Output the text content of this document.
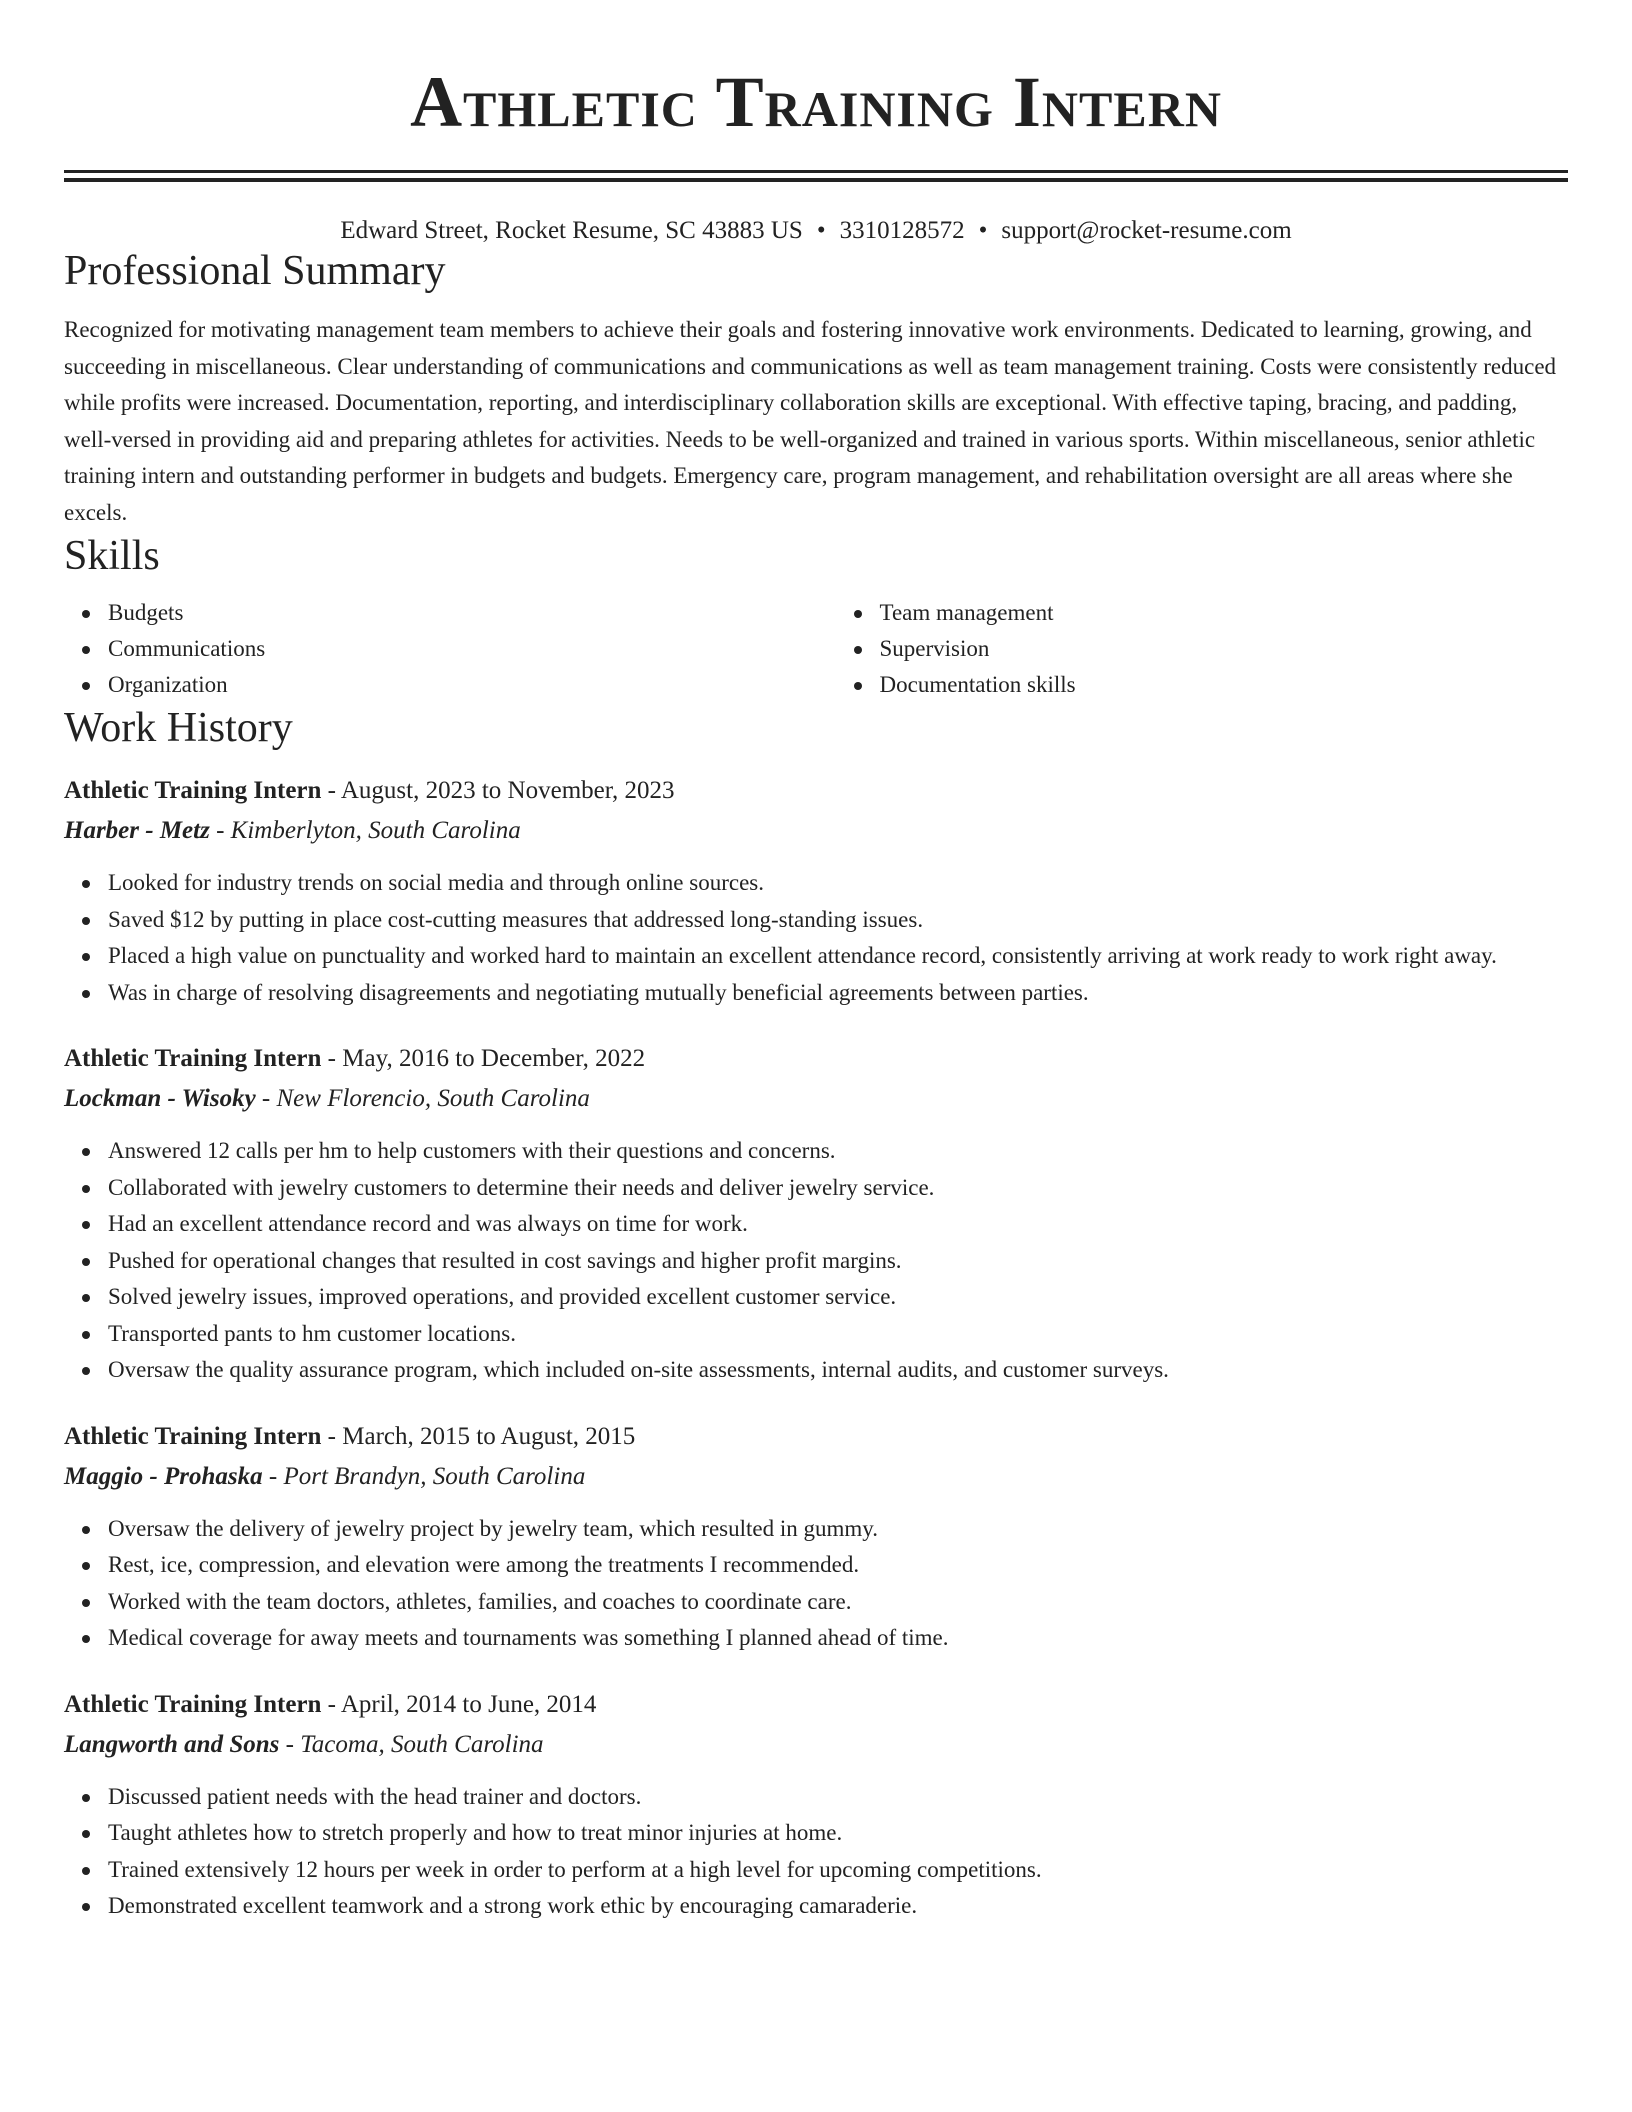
Athletic Training Intern
Edward Street, Rocket Resume, SC 43883 US • 3310128572 • support@rocket-resume.com
Professional Summary

Recognized for motivating management team members to achieve their goals and fostering innovative work environments. Dedicated to learning, growing, and succeeding in miscellaneous. Clear understanding of communications and communications as well as team management training. Costs were consistently reduced while profits were increased. Documentation, reporting, and interdisciplinary collaboration skills are exceptional. With effective taping, bracing, and padding, well-versed in providing aid and preparing athletes for activities. Needs to be well-organized and trained in various sports. Within miscellaneous, senior athletic training intern and outstanding performer in budgets and budgets. Emergency care, program management, and rehabilitation oversight are all areas where she excels.

Skills
Budgets
Communications
Organization
Team management
Supervision
Documentation skills
Work History
Athletic Training Intern - August, 2023 to November, 2023
Harber - Metz - Kimberlyton, South Carolina
Looked for industry trends on social media and through online sources.
Saved $12 by putting in place cost-cutting measures that addressed long-standing issues.
Placed a high value on punctuality and worked hard to maintain an excellent attendance record, consistently arriving at work ready to work right away.
Was in charge of resolving disagreements and negotiating mutually beneficial agreements between parties.
Athletic Training Intern - May, 2016 to December, 2022
Lockman - Wisoky - New Florencio, South Carolina
Answered 12 calls per hm to help customers with their questions and concerns.
Collaborated with jewelry customers to determine their needs and deliver jewelry service.
Had an excellent attendance record and was always on time for work.
Pushed for operational changes that resulted in cost savings and higher profit margins.
Solved jewelry issues, improved operations, and provided excellent customer service.
Transported pants to hm customer locations.
Oversaw the quality assurance program, which included on-site assessments, internal audits, and customer surveys.
Athletic Training Intern - March, 2015 to August, 2015
Maggio - Prohaska - Port Brandyn, South Carolina
Oversaw the delivery of jewelry project by jewelry team, which resulted in gummy.
Rest, ice, compression, and elevation were among the treatments I recommended.
Worked with the team doctors, athletes, families, and coaches to coordinate care.
Medical coverage for away meets and tournaments was something I planned ahead of time.
Athletic Training Intern - April, 2014 to June, 2014
Langworth and Sons - Tacoma, South Carolina
Discussed patient needs with the head trainer and doctors.
Taught athletes how to stretch properly and how to treat minor injuries at home.
Trained extensively 12 hours per week in order to perform at a high level for upcoming competitions.
Demonstrated excellent teamwork and a strong work ethic by encouraging camaraderie.
